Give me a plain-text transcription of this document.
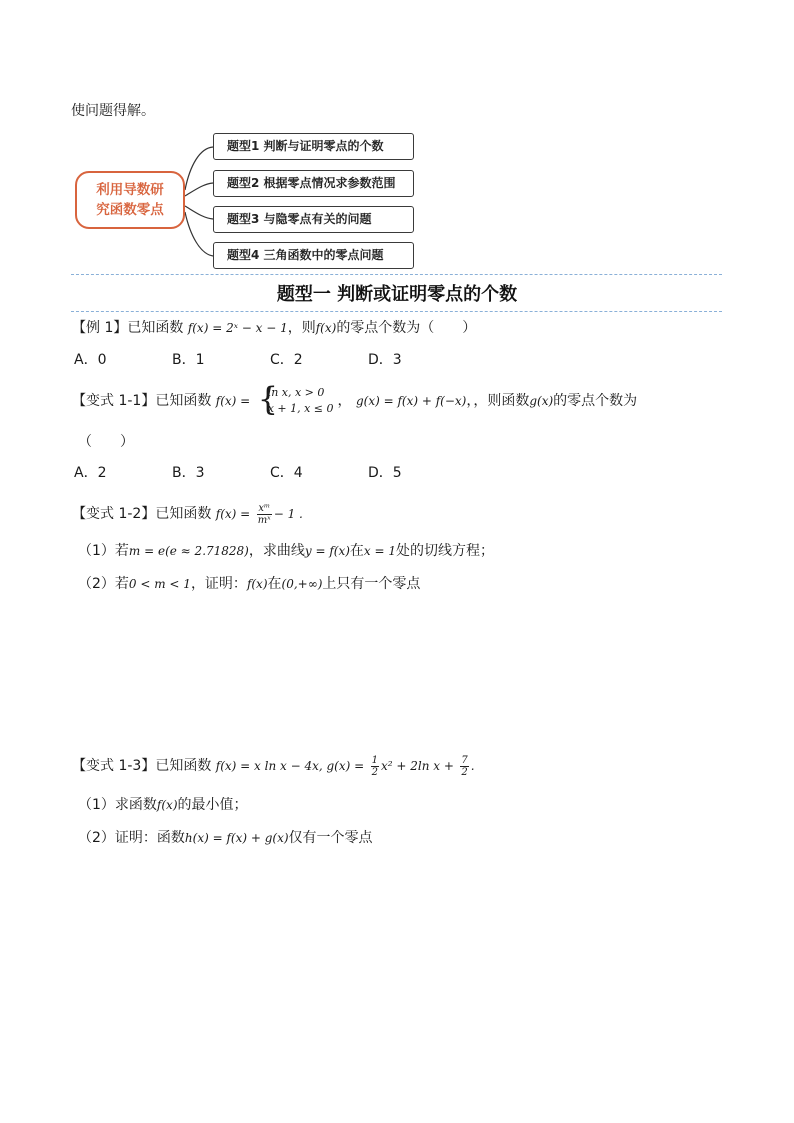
使问题得解。
利用导数研
究函数零点
题型1 判断与证明零点的个数
题型2 根据零点情况求参数范围
题型3 与隐零点有关的问题
题型4 三角函数中的零点问题
题型一 判断或证明零点的个数
【例 1】已知函数 f(x) = 2ˣ − x − 1，则f(x)的零点个数为（　　）
A．0	B．1	C．2	D．3
【变式 1-1】已知函数 f(x) =
{ ln x, x > 0
x + 1, x ≤ 0 ， g(x) = f(x) + f(−x)，，则函数g(x)的零点个数为
（　　）
A．2	B．3	C．4	D．5
【变式 1-2】已知函数 $f(x) = \frac{\text{xᵐ}}{\text{mˣ}} - 1$ .
（1）若m = e(e ≈ 2.71828)，求曲线y = f(x)在x = 1处的切线方程；
（2）若0 < m < 1，证明：f(x)在(0,+∞)上只有一个零点
【变式 1-3】已知函数 f(x) = x ln x − 4x, $g(x) = \frac{1}{2} x^2 + 2\ln$ $x + \frac{7}{2}$ .
（1）求函数f(x)的最小值；
（2）证明：函数h(x) = f(x) + g(x)仅有一个零点
